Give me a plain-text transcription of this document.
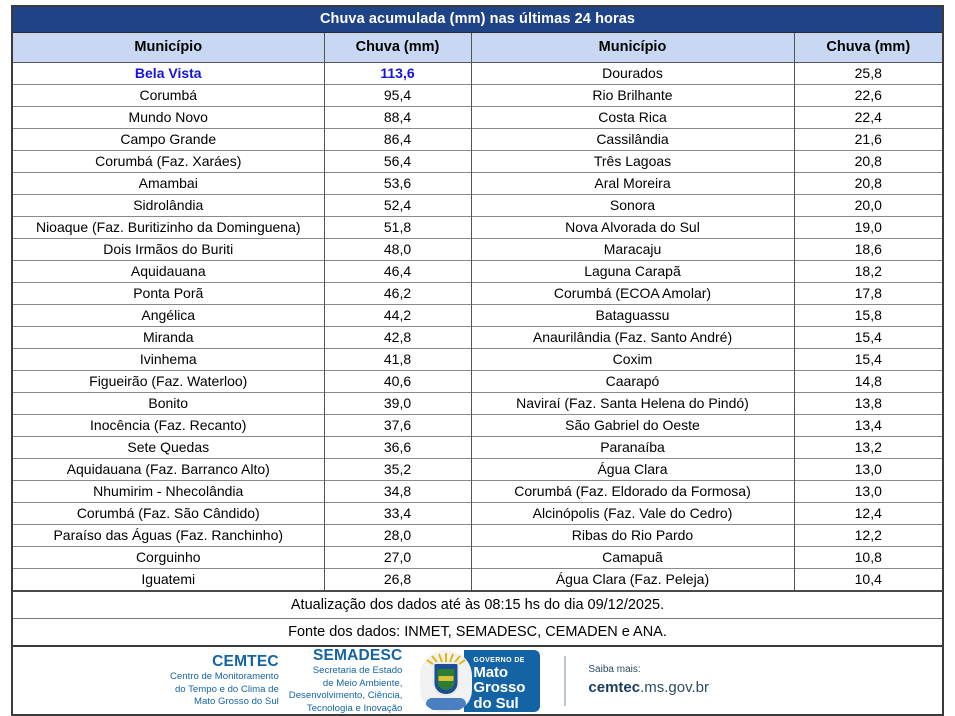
Chuva acumulada (mm) nas últimas 24 horas			
Município	Chuva (mm)	Município	Chuva (mm)
Bela Vista	113,6	Dourados	25,8
Corumbá	95,4	Rio Brilhante	22,6
Mundo Novo	88,4	Costa Rica	22,4
Campo Grande	86,4	Cassilândia	21,6
Corumbá (Faz. Xaráes)	56,4	Três Lagoas	20,8
Amambai	53,6	Aral Moreira	20,8
Sidrolândia	52,4	Sonora	20,0
Nioaque (Faz. Buritizinho da Dominguena)	51,8	Nova Alvorada do Sul	19,0
Dois Irmãos do Buriti	48,0	Maracaju	18,6
Aquidauana	46,4	Laguna Carapã	18,2
Ponta Porã	46,2	Corumbá (ECOA Amolar)	17,8
Angélica	44,2	Bataguassu	15,8
Miranda	42,8	Anaurilândia (Faz. Santo André)	15,4
Ivinhema	41,8	Coxim	15,4
Figueirão (Faz. Waterloo)	40,6	Caarapó	14,8
Bonito	39,0	Naviraí (Faz. Santa Helena do Pindó)	13,8
Inocência (Faz. Recanto)	37,6	São Gabriel do Oeste	13,4
Sete Quedas	36,6	Paranaíba	13,2
Aquidauana (Faz. Barranco Alto)	35,2	Água Clara	13,0
Nhumirim - Nhecolândia	34,8	Corumbá (Faz. Eldorado da Formosa)	13,0
Corumbá (Faz. São Cândido)	33,4	Alcinópolis (Faz. Vale do Cedro)	12,4
Paraíso das Águas (Faz. Ranchinho)	28,0	Ribas do Rio Pardo	12,2
Corguinho	27,0	Camapuã	10,8
Iguatemi	26,8	Água Clara (Faz. Peleja)	10,4
Atualização dos dados até às 08:15 hs do dia 09/12/2025.			
Fonte dos dados: INMET, SEMADESC, CEMADEN e ANA.			
CEMTEC
Centro de Monitoramento
do Tempo e do Clima de
Mato Grosso do Sul
SEMADESC
Secretaria de Estado
de Meio Ambiente,
Desenvolvimento, Ciência,
Tecnologia e Inovação
GOVERNO DE
Mato
Grosso
do Sul
Saiba mais:
cemtec.ms.gov.br
